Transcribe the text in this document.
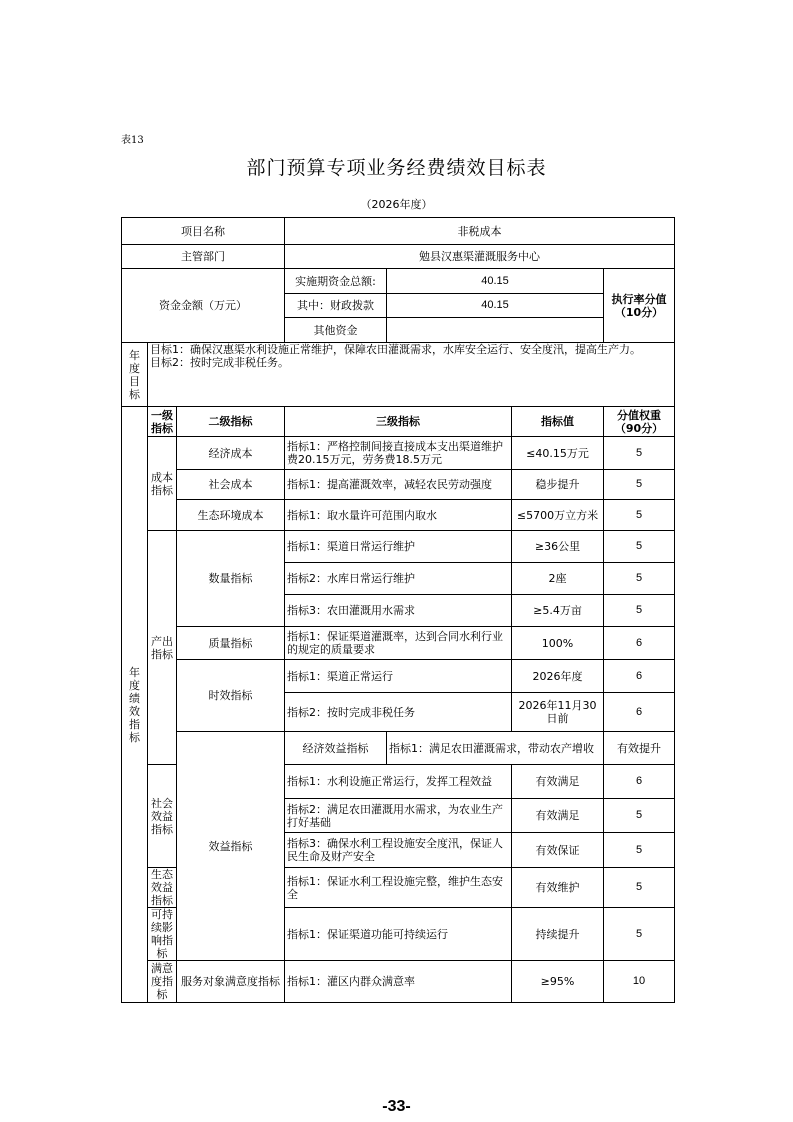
表13
部门预算专项业务经费绩效目标表
（2026年度）
项目名称			非税成本				
主管部门			勉县汉惠渠灌溉服务中心				
资金金额（万元）			实施期资金总额:	40.15		执行率分值（10分）	
			其中：财政拨款	40.15			
			其他资金				
年度目标	目标1：确保汉惠渠水利设施正常维护，保障农田灌溉需求，水库安全运行、安全度汛，提高生产力。
目标2：按时完成非税任务。						

年度绩效指标	一级指标	二级指标	三级指标		指标值	分值权重（90分）	
	成本指标	经济成本	指标1：严格控制间接直接成本支出渠道维护费20.15万元，劳务费18.5万元		≤40.15万元	5	
		社会成本	指标1：提高灌溉效率，减轻农民劳动强度		稳步提升	5	
		生态环境成本	指标1：取水量许可范围内取水		≤5700万立方米	5	
	产出指标	数量指标	指标1：渠道日常运行维护		≥36公里	5	
			指标2：水库日常运行维护		2座	5	
			指标3：农田灌溉用水需求		≥5.4万亩	5	
		质量指标	指标1：保证渠道灌溉率，达到合同水利行业的规定的质量要求		100%	6	
		时效指标	指标1：渠道正常运行		2026年度	6	
			指标2：按时完成非税任务		2026年11月30日前	6	
		效益指标	经济效益指标	指标1：满足农田灌溉需求，带动农产增收		有效提升	
	社会效益指标		指标1：水利设施正常运行，发挥工程效益		有效满足	6	
			指标2：满足农田灌溉用水需求，为农业生产打好基础		有效满足	5	
			指标3：确保水利工程设施安全度汛，保证人民生命及财产安全		有效保证	5	
	生态效益指标		指标1：保证水利工程设施完整，维护生态安全		有效维护	5	
	可持续影响指标		指标1：保证渠道功能可持续运行		持续提升	5	
	满意度指标	服务对象满意度指标	指标1：灌区内群众满意率		≥95%	10	
-33-
